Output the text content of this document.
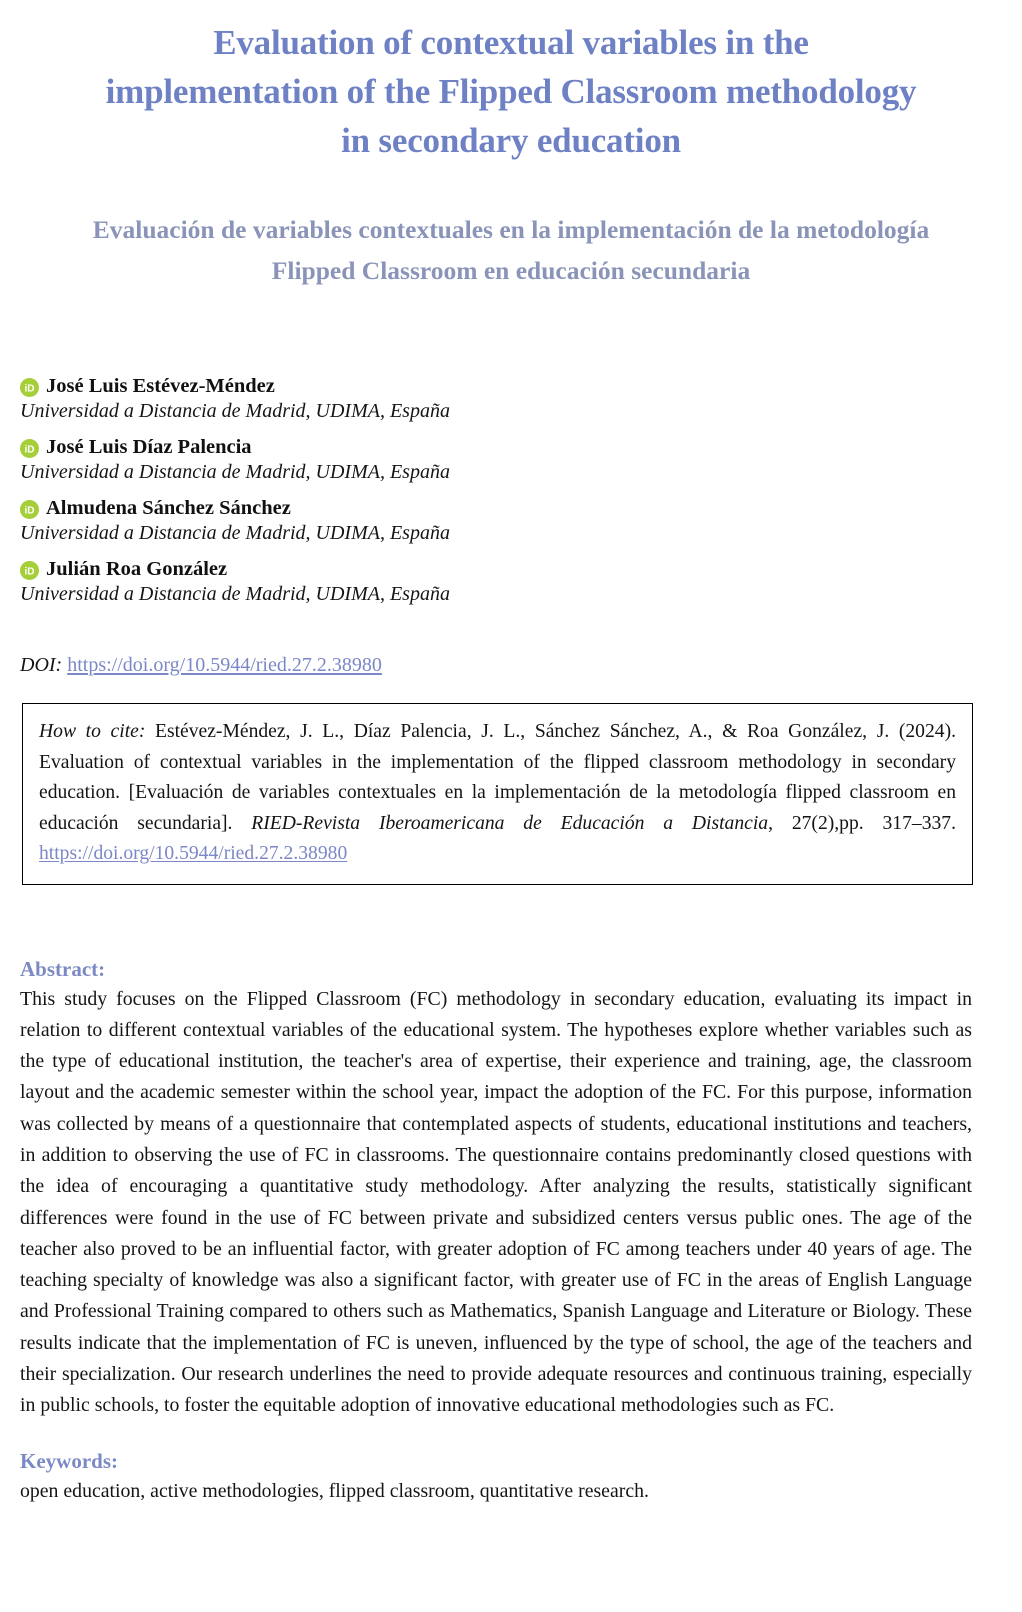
Evaluation of contextual variables in the implementation of the Flipped Classroom methodology in secondary education
Evaluación de variables contextuales en la implementación de la metodología Flipped Classroom en educación secundaria
iD José Luis Estévez-Méndez
Universidad a Distancia de Madrid, UDIMA, España
iD José Luis Díaz Palencia
Universidad a Distancia de Madrid, UDIMA, España
iD Almudena Sánchez Sánchez
Universidad a Distancia de Madrid, UDIMA, España
iD Julián Roa González
Universidad a Distancia de Madrid, UDIMA, España
DOI: https://doi.org/10.5944/ried.27.2.38980
How to cite: Estévez-Méndez, J. L., Díaz Palencia, J. L., Sánchez Sánchez, A., & Roa González, J. (2024). Evaluation of contextual variables in the implementation of the flipped classroom methodology in secondary education. [Evaluación de variables contextuales en la implementación de la metodología flipped classroom en educación secundaria]. RIED-Revista Iberoamericana de Educación a Distancia, 27(2),pp. 317–337. https://doi.org/10.5944/ried.27.2.38980
Abstract:

This study focuses on the Flipped Classroom (FC) methodology in secondary education, evaluating its impact in relation to different contextual variables of the educational system. The hypotheses explore whether variables such as the type of educational institution, the teacher's area of expertise, their experience and training, age, the classroom layout and the academic semester within the school year, impact the adoption of the FC. For this purpose, information was collected by means of a questionnaire that contemplated aspects of students, educational institutions and teachers, in addition to observing the use of FC in classrooms. The questionnaire contains predominantly closed questions with the idea of encouraging a quantitative study methodology. After analyzing the results, statistically significant differences were found in the use of FC between private and subsidized centers versus public ones. The age of the teacher also proved to be an influential factor, with greater adoption of FC among teachers under 40 years of age. The teaching specialty of knowledge was also a significant factor, with greater use of FC in the areas of English Language and Professional Training compared to others such as Mathematics, Spanish Language and Literature or Biology. These results indicate that the implementation of FC is uneven, influenced by the type of school, the age of the teachers and their specialization. Our research underlines the need to provide adequate resources and continuous training, especially in public schools, to foster the equitable adoption of innovative educational methodologies such as FC.

Keywords:

open education, active methodologies, flipped classroom, quantitative research.
